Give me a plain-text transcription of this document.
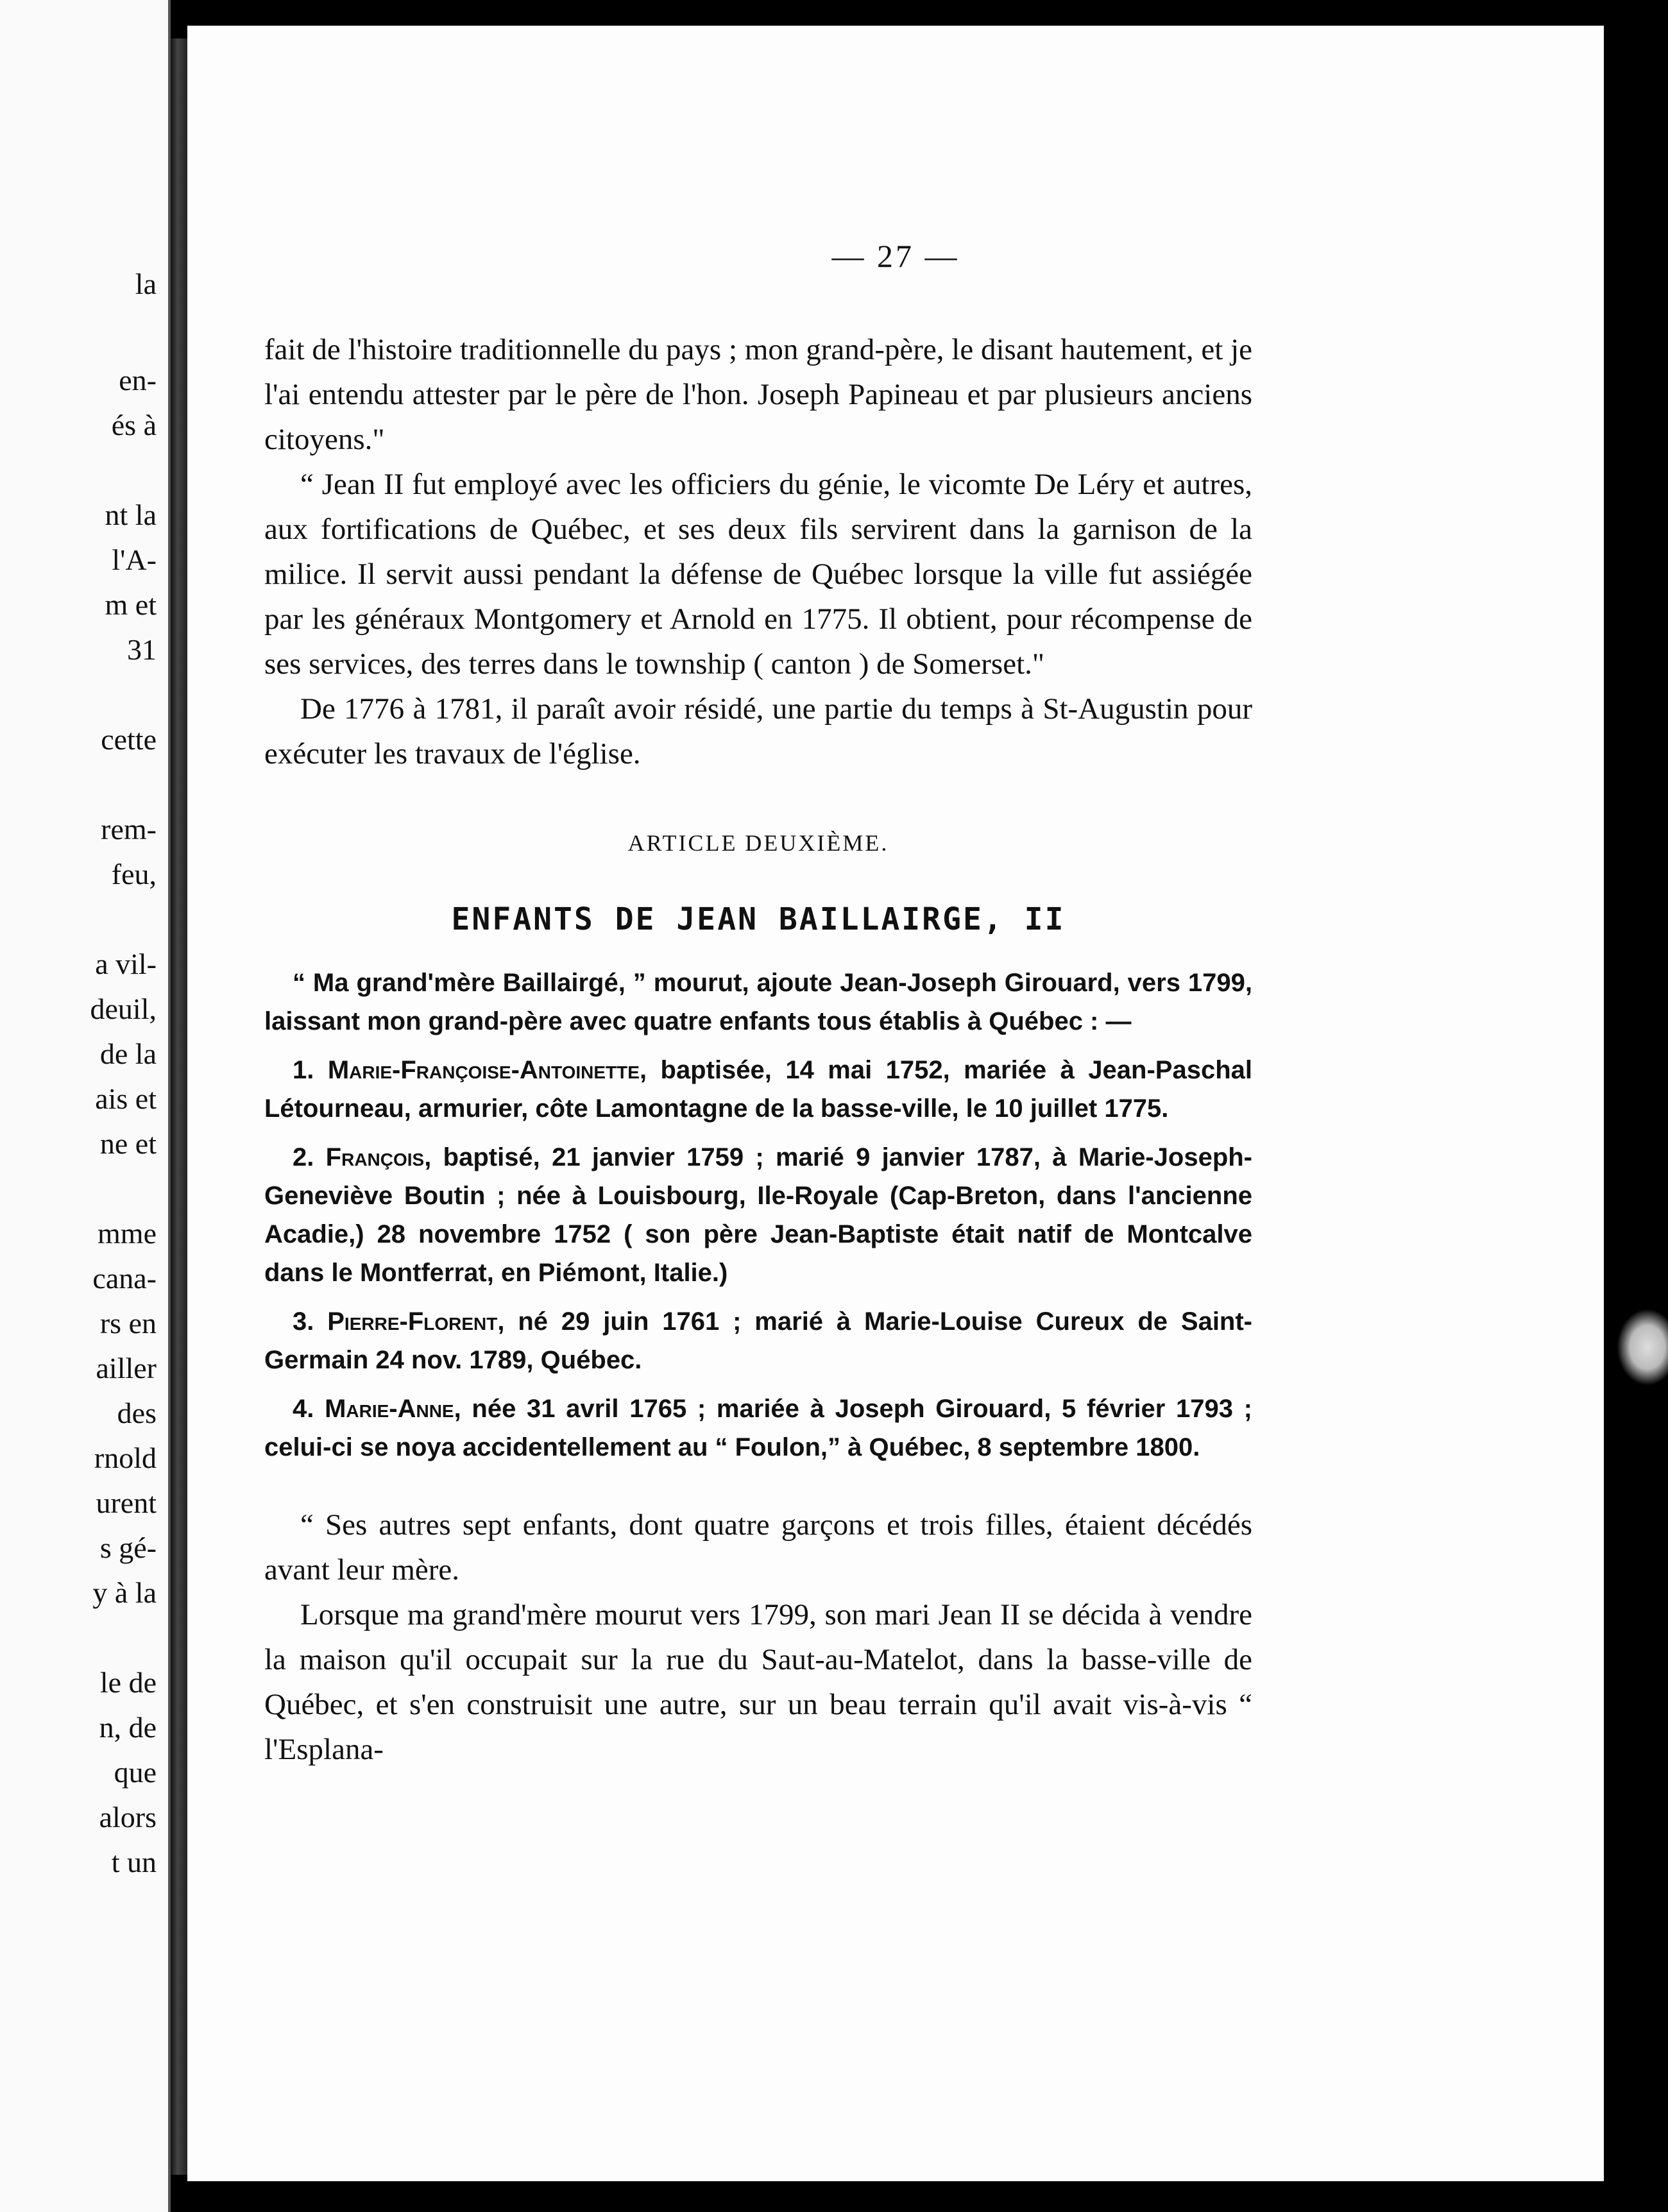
la
en-
és à
nt la
l'A-
m et
31
cette
rem-
feu,
a vil-
deuil,
de la
ais et
ne et
mme
cana-
rs en
ailler
des
rnold
urent
s gé-
y à la
le de
n, de
que
alors
t un
— 27 —

fait de l'histoire traditionnelle du pays ; mon grand-père, le disant hautement, et je l'ai entendu attester par le père de l'hon. Joseph Papineau et par plusieurs anciens citoyens."

“ Jean II fut employé avec les officiers du génie, le vicomte De Léry et autres, aux fortifications de Québec, et ses deux fils servirent dans la garnison de la milice. Il servit aussi pendant la défense de Québec lorsque la ville fut assiégée par les généraux Montgomery et Arnold en 1775. Il obtient, pour récompense de ses services, des terres dans le township ( canton ) de Somerset."

De 1776 à 1781, il paraît avoir résidé, une partie du temps à St-Augustin pour exécuter les travaux de l'église.

ARTICLE DEUXIÈME.
ENFANTS DE JEAN BAILLAIRGE, II

“ Ma grand'mère Baillairgé, ” mourut, ajoute Jean-Joseph Girouard, vers 1799, laissant mon grand-père avec quatre enfants tous établis à Québec : —

1. Marie-Françoise-Antoinette, baptisée, 14 mai 1752, mariée à Jean-Paschal Létourneau, armurier, côte Lamontagne de la basse-ville, le 10 juillet 1775.

2. François, baptisé, 21 janvier 1759 ; marié 9 janvier 1787, à Marie-Joseph-Geneviève Boutin ; née à Louisbourg, Ile-Royale (Cap-Breton, dans l'ancienne Acadie,) 28 novembre 1752 ( son père Jean-Baptiste était natif de Montcalve dans le Montferrat, en Piémont, Italie.)

3. Pierre-Florent, né 29 juin 1761 ; marié à Marie-Louise Cureux de Saint-Germain 24 nov. 1789, Québec.

4. Marie-Anne, née 31 avril 1765 ; mariée à Joseph Girouard, 5 février 1793 ; celui-ci se noya accidentellement au “ Foulon,” à Québec, 8 septembre 1800.

“ Ses autres sept enfants, dont quatre garçons et trois filles, étaient décédés avant leur mère.

Lorsque ma grand'mère mourut vers 1799, son mari Jean II se décida à vendre la maison qu'il occupait sur la rue du Saut-au-Matelot, dans la basse-ville de Québec, et s'en construisit une autre, sur un beau terrain qu'il avait vis-à-vis “ l'Esplana-
